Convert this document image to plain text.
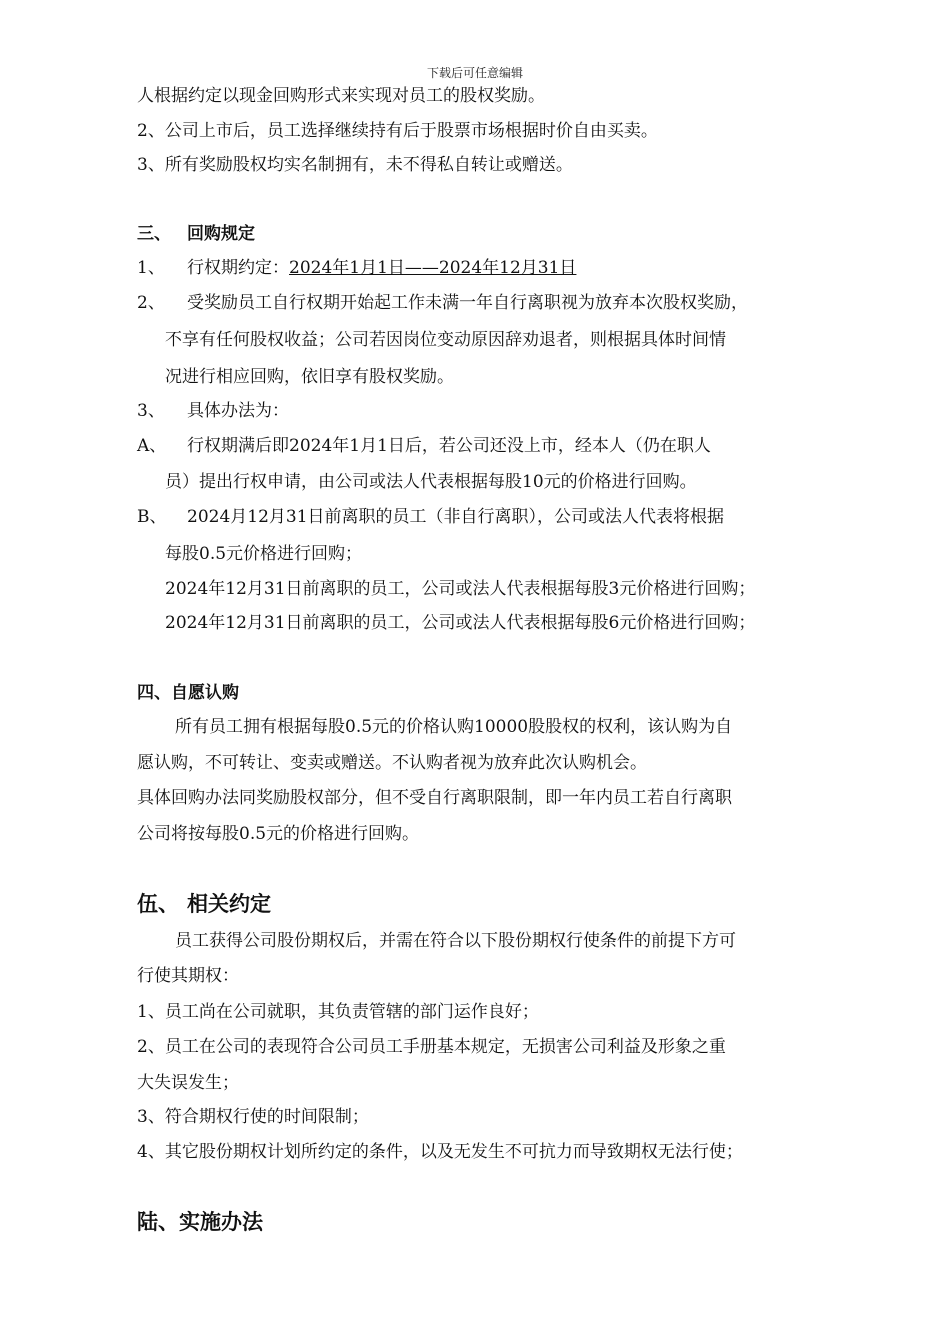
下载后可任意编辑
人根据约定以现金回购形式来实现对员工的股权奖励。
2、公司上市后，员工选择继续持有后于股票市场根据时价自由买卖。
3、所有奖励股权均实名制拥有，未不得私自转让或赠送。
三、 回购规定
1、 行权期约定：2024年1月1日——2024年12月31日
2、 受奖励员工自行权期开始起工作未满一年自行离职视为放弃本次股权奖励，
不享有任何股权收益；公司若因岗位变动原因辞劝退者，则根据具体时间情
况进行相应回购，依旧享有股权奖励。
3、 具体办法为：
A、 行权期满后即2024年1月1日后，若公司还没上市，经本人（仍在职人
员）提出行权申请，由公司或法人代表根据每股10元的价格进行回购。
B、 2024月12月31日前离职的员工（非自行离职），公司或法人代表将根据
每股0.5元价格进行回购；
2024年12月31日前离职的员工，公司或法人代表根据每股3元价格进行回购；
2024年12月31日前离职的员工，公司或法人代表根据每股6元价格进行回购；
四、自愿认购
所有员工拥有根据每股0.5元的价格认购10000股股权的权利，该认购为自
愿认购，不可转让、变卖或赠送。不认购者视为放弃此次认购机会。
具体回购办法同奖励股权部分，但不受自行离职限制，即一年内员工若自行离职
公司将按每股0.5元的价格进行回购。
伍、 相关约定
员工获得公司股份期权后，并需在符合以下股份期权行使条件的前提下方可
行使其期权：
1、员工尚在公司就职，其负责管辖的部门运作良好；
2、员工在公司的表现符合公司员工手册基本规定，无损害公司利益及形象之重
大失误发生；
3、符合期权行使的时间限制；
4、其它股份期权计划所约定的条件，以及无发生不可抗力而导致期权无法行使；
陆、实施办法
